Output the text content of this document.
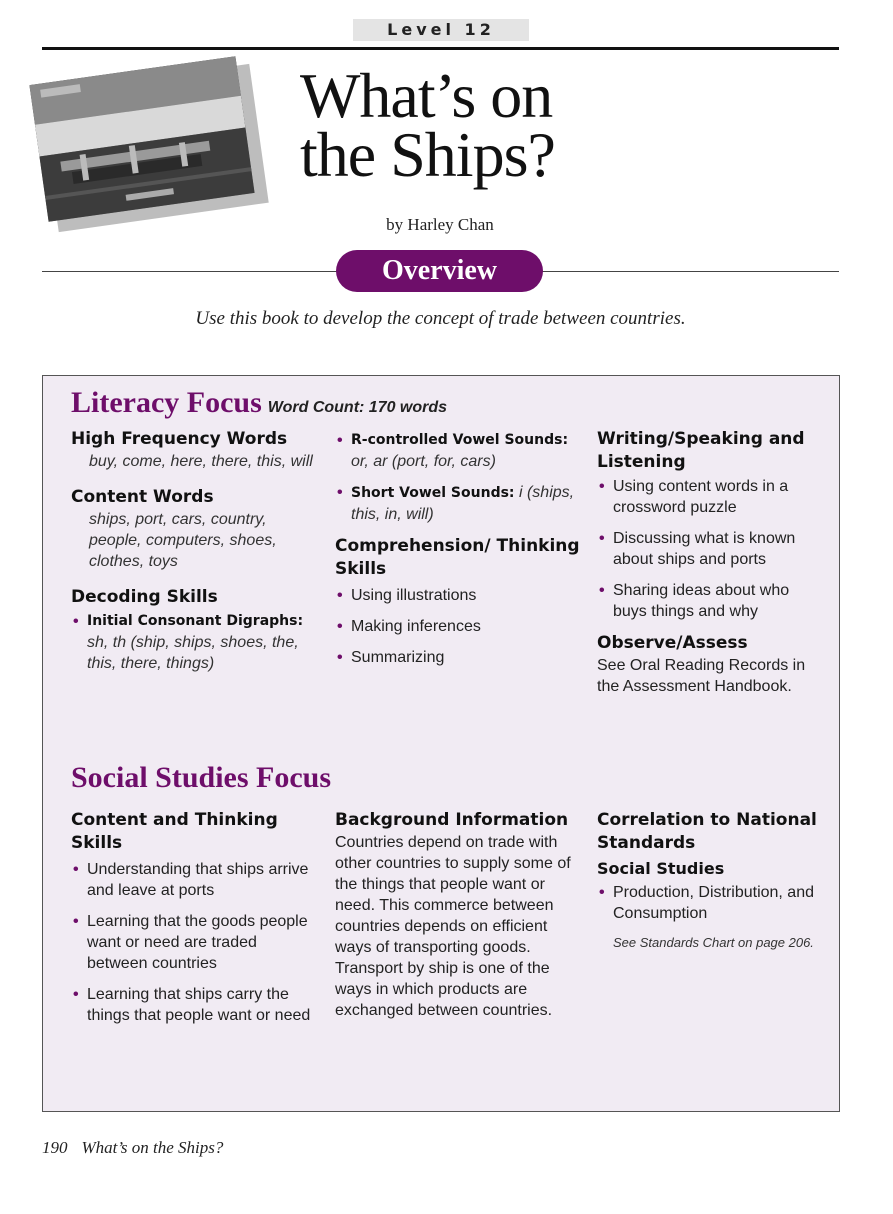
Level 12
What’s on
the Ships?
by Harley Chan
Overview
Use this book to develop the concept of trade between countries.
Literacy Focus Word Count: 170 words
High Frequency Words
buy, come, here, there, this, will
Content Words
ships, port, cars, country, people, computers, shoes, clothes, toys
Decoding Skills
• Initial Consonant Digraphs:
sh, th (ship, ships, shoes, the, this, there, things)
• R-controlled Vowel Sounds:
or, ar (port, for, cars)
• Short Vowel Sounds: i (ships, this, in, will)
Comprehension/ Thinking Skills
• Using illustrations
• Making inferences
• Summarizing
Writing/Speaking and Listening
• Using content words in a crossword puzzle
• Discussing what is known about ships and ports
• Sharing ideas about who buys things and why
Observe/Assess
See Oral Reading Records in the Assessment Handbook.
Social Studies Focus
Content and Thinking Skills
• Understanding that ships arrive and leave at ports
• Learning that the goods people want or need are traded between countries
• Learning that ships carry the things that people want or need
Background Information
Countries depend on trade with other countries to supply some of the things that people want or need. This commerce between countries depends on efficient ways of transporting goods. Transport by ship is one of the ways in which products are exchanged between countries.
Correlation to National Standards
Social Studies
• Production, Distribution, and Consumption
See Standards Chart on page 206.
190 What’s on the Ships?
